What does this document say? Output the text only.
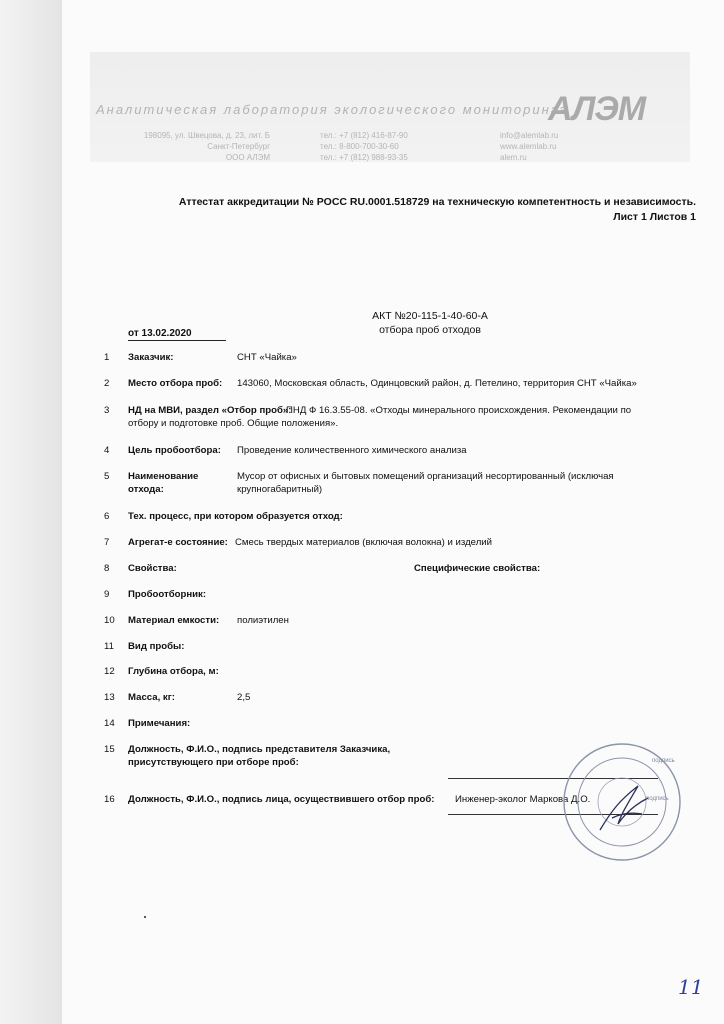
Аналитическая лаборатория экологического мониторинга
АЛЭМ
198095, ул. Швецова, д. 23, лит. Б
Санкт-Петербург
ООО АЛЭМ
тел.: +7 (812) 416-87-90
тел.: 8-800-700-30-60
тел.: +7 (812) 988-93-35
info@alemlab.ru
www.alemlab.ru
alem.ru
Аттестат аккредитации № РОСС RU.0001.518729 на техническую компетентность и независимость.
Лист 1 Листов 1
АКТ №20-115-1-40-60-А
отбора проб отходов
от 13.02.2020
1 Заказчик:	СНТ «Чайка»
2 Место отбора проб: 143060, Московская область, Одинцовский район, д. Петелино, территория СНТ «Чайка»
3 НД на МВИ, раздел «Отбор проб»:
ПНД Ф 16.3.55-08. «Отходы минерального происхождения. Рекомендации по
отбору и подготовке проб. Общие положения».
4 Цель пробоотбора: Проведение количественного химического анализа
5 Наименование
отхода:
Мусор от офисных и бытовых помещений организаций несортированный (исключая
крупногабаритный)
6 Тех. процесс, при котором образуется отход:
7 Агрегат-е состояние: Смесь твердых материалов (включая волокна) и изделий
8 Свойства:	Специфические свойства:
9 Пробоотборник:
10 Материал емкости: полиэтилен
11 Вид пробы:
12 Глубина отбора, м:
13 Масса, кг:	2,5
14 Примечания:
15 Должность, Ф.И.О., подпись представителя Заказчика,
присутствующего при отборе проб:
16 Должность, Ф.И.О., подпись лица, осуществившего отбор проб: Инженер-эколог Маркова Д.О.
подпись
подпись
11
